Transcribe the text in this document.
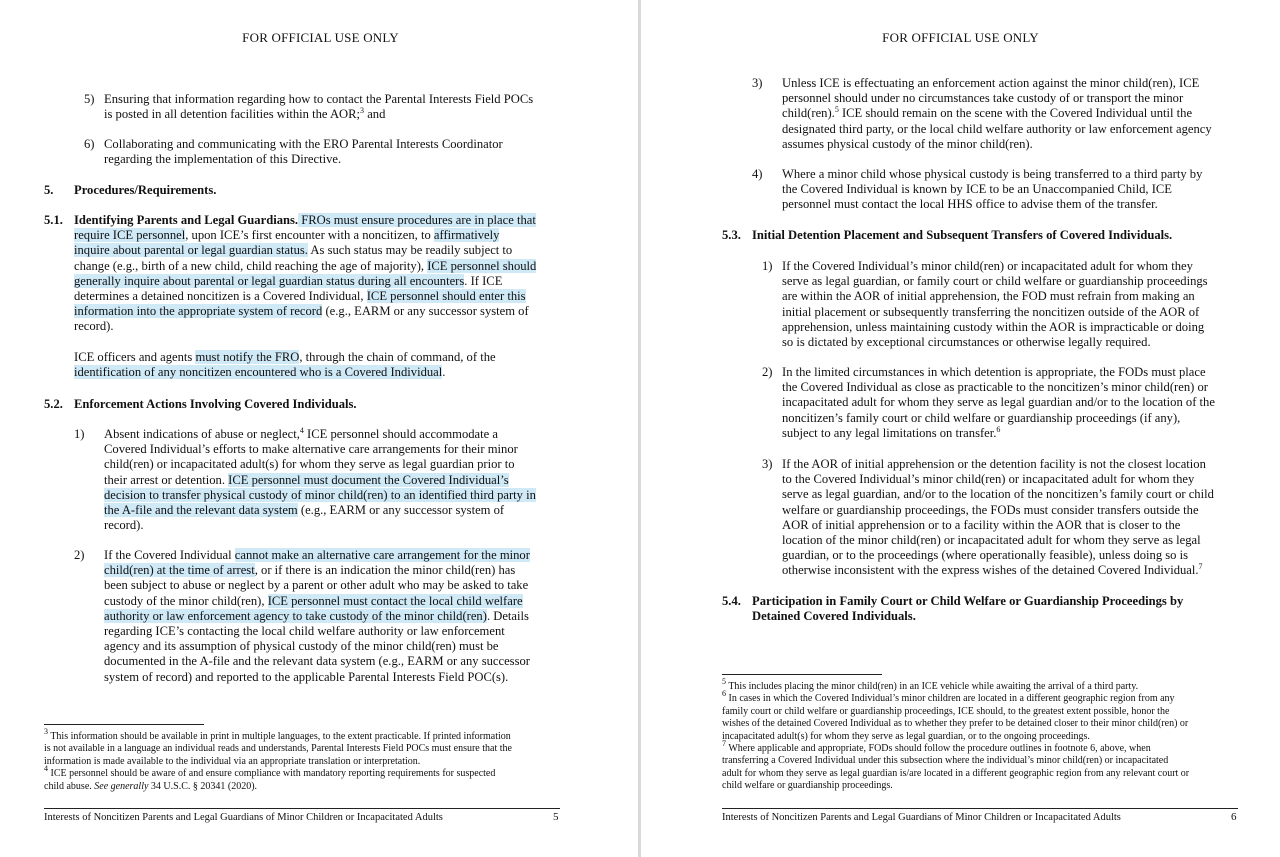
FOR OFFICIAL USE ONLY
5) Ensuring that information regarding how to contact the Parental Interests Field POCs
is posted in all detention facilities within the AOR;$^3$ and
6) Collaborating and communicating with the ERO Parental Interests Coordinator
regarding the implementation of this Directive.
5. Procedures/Requirements.
5.1. Identifying Parents and Legal Guardians. FROs must ensure procedures are in place that
require ICE personnel, upon ICE’s first encounter with a noncitizen, to affirmatively
inquire about parental or legal guardian status. As such status may be readily subject to
change (e.g., birth of a new child, child reaching the age of majority), ICE personnel should
generally inquire about parental or legal guardian status during all encounters. If ICE
determines a detained noncitizen is a Covered Individual, ICE personnel should enter this
information into the appropriate system of record (e.g., EARM or any successor system of
record).
ICE officers and agents must notify the FRO, through the chain of command, of the
identification of any noncitizen encountered who is a Covered Individual.
5.2. Enforcement Actions Involving Covered Individuals.
1) Absent indications of abuse or neglect,$^4$ ICE personnel should accommodate a
Covered Individual’s efforts to make alternative care arrangements for their minor
child(ren) or incapacitated adult(s) for whom they serve as legal guardian prior to
their arrest or detention. ICE personnel must document the Covered Individual’s
decision to transfer physical custody of minor child(ren) to an identified third party in
the A-file and the relevant data system (e.g., EARM or any successor system of
record).
2) If the Covered Individual cannot make an alternative care arrangement for the minor
child(ren) at the time of arrest, or if there is an indication the minor child(ren) has
been subject to abuse or neglect by a parent or other adult who may be asked to take
custody of the minor child(ren), ICE personnel must contact the local child welfare
authority or law enforcement agency to take custody of the minor child(ren). Details
regarding ICE’s contacting the local child welfare authority or law enforcement
agency and its assumption of physical custody of the minor child(ren) must be
documented in the A-file and the relevant data system (e.g., EARM or any successor
system of record) and reported to the applicable Parental Interests Field POC(s).
$^3$ This information should be available in print in multiple languages, to the extent practicable. If printed information
is not available in a language an individual reads and understands, Parental Interests Field POCs must ensure that the
information is made available to the individual via an appropriate translation or interpretation.
$^4$ ICE personnel should be aware of and ensure compliance with mandatory reporting requirements for suspected
child abuse. See generally 34 U.S.C. § 20341 (2020).
Interests of Noncitizen Parents and Legal Guardians of Minor Children or Incapacitated Adults	5
FOR OFFICIAL USE ONLY
3) Unless ICE is effectuating an enforcement action against the minor child(ren), ICE
personnel should under no circumstances take custody of or transport the minor
child(ren).$^5$ ICE should remain on the scene with the Covered Individual until the
designated third party, or the local child welfare authority or law enforcement agency
assumes physical custody of the minor child(ren).
4) Where a minor child whose physical custody is being transferred to a third party by
the Covered Individual is known by ICE to be an Unaccompanied Child, ICE
personnel must contact the local HHS office to advise them of the transfer.
5.3. Initial Detention Placement and Subsequent Transfers of Covered Individuals.
1) If the Covered Individual’s minor child(ren) or incapacitated adult for whom they
serve as legal guardian, or family court or child welfare or guardianship proceedings
are within the AOR of initial apprehension, the FOD must refrain from making an
initial placement or subsequently transferring the noncitizen outside of the AOR of
apprehension, unless maintaining custody within the AOR is impracticable or doing
so is dictated by exceptional circumstances or otherwise legally required.
2) In the limited circumstances in which detention is appropriate, the FODs must place
the Covered Individual as close as practicable to the noncitizen’s minor child(ren) or
incapacitated adult for whom they serve as legal guardian and/or to the location of the
noncitizen’s family court or child welfare or guardianship proceedings (if any),
subject to any legal limitations on transfer.$^6$
3) If the AOR of initial apprehension or the detention facility is not the closest location
to the Covered Individual’s minor child(ren) or incapacitated adult for whom they
serve as legal guardian, and/or to the location of the noncitizen’s family court or child
welfare or guardianship proceedings, the FODs must consider transfers outside the
AOR of initial apprehension or to a facility within the AOR that is closer to the
location of the minor child(ren) or incapacitated adult for whom they serve as legal
guardian, or to the proceedings (where operationally feasible), unless doing so is
otherwise inconsistent with the express wishes of the detained Covered Individual.$^7$
5.4. Participation in Family Court or Child Welfare or Guardianship Proceedings by
Detained Covered Individuals.
$^5$ This includes placing the minor child(ren) in an ICE vehicle while awaiting the arrival of a third party.
$^6$ In cases in which the Covered Individual’s minor children are located in a different geographic region from any
family court or child welfare or guardianship proceedings, ICE should, to the greatest extent possible, honor the
wishes of the detained Covered Individual as to whether they prefer to be detained closer to their minor child(ren) or
incapacitated adult(s) for whom they serve as legal guardian, or to the ongoing proceedings.
$^7$ Where applicable and appropriate, FODs should follow the procedure outlines in footnote 6, above, when
transferring a Covered Individual under this subsection where the individual’s minor child(ren) or incapacitated
adult for whom they serve as legal guardian is/are located in a different geographic region from any relevant court or
child welfare or guardianship proceedings.
Interests of Noncitizen Parents and Legal Guardians of Minor Children or Incapacitated Adults	6
